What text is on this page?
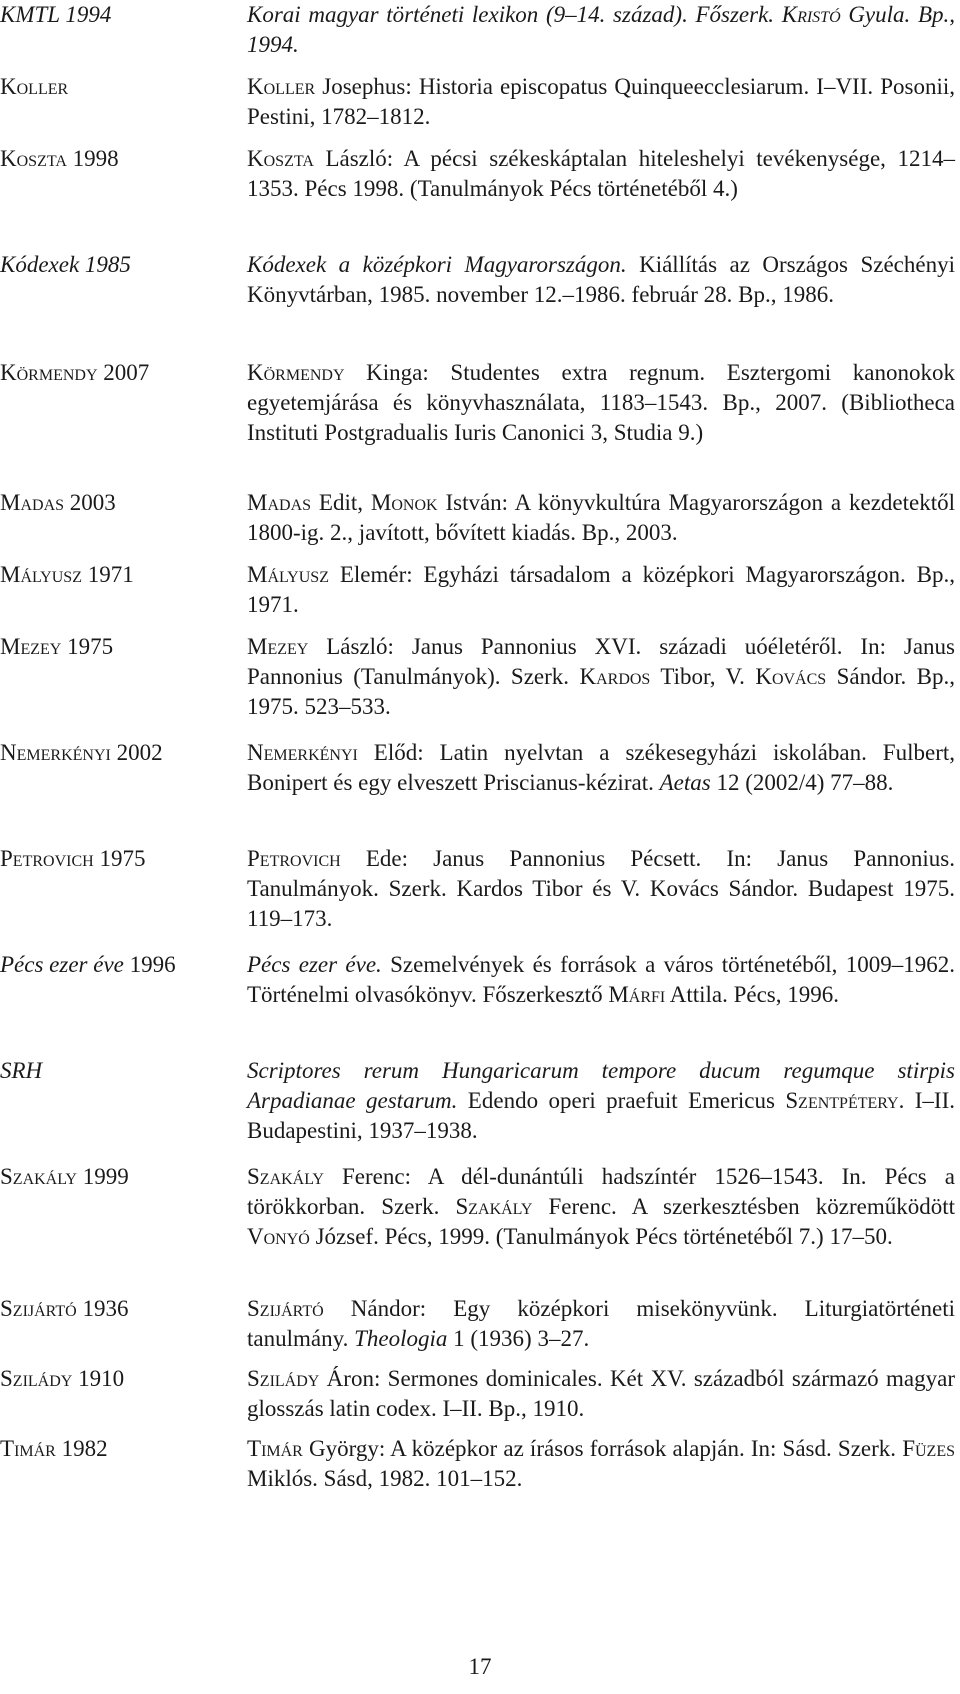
KMTL 1994	Korai magyar történeti lexikon (9–14. század). Főszerk. Kristó Gyula. Bp., 1994.
Koller	Koller Josephus: Historia episcopatus Quinqueecclesiarum. I–VII. Posonii, Pestini, 1782–1812.
Koszta 1998	Koszta László: A pécsi székeskáptalan hiteleshelyi tevékenysége, 1214–1353. Pécs 1998. (Tanulmányok Pécs történetéből 4.)
Kódexek 1985	Kódexek a középkori Magyarországon. Kiállítás az Országos Széchényi Könyvtárban, 1985. november 12.–1986. február 28. Bp., 1986.
Körmendy 2007	Körmendy Kinga: Studentes extra regnum. Esztergomi kanonokok egyetemjárása és könyvhasználata, 1183–1543. Bp., 2007. (Bibliotheca Instituti Postgradualis Iuris Canonici 3, Studia 9.)
Madas 2003	Madas Edit, Monok István: A könyvkultúra Magyarországon a kezdetektől 1800-ig. 2., javított, bővített kiadás. Bp., 2003.
Mályusz 1971	Mályusz Elemér: Egyházi társadalom a középkori Magyarországon. Bp., 1971.
Mezey 1975	Mezey László: Janus Pannonius XVI. századi uóéletéről. In: Janus Pannonius (Tanulmányok). Szerk. Kardos Tibor, V. Kovács Sándor. Bp., 1975. 523–533.
Nemerkényi 2002	Nemerkényi Előd: Latin nyelvtan a székesegyházi iskolában. Fulbert, Bonipert és egy elveszett Priscianus-kézirat. Aetas 12 (2002/4) 77–88.
Petrovich 1975	Petrovich Ede: Janus Pannonius Pécsett. In: Janus Pannonius. Tanulmányok. Szerk. Kardos Tibor és V. Kovács Sándor. Budapest 1975. 119–173.
Pécs ezer éve 1996	Pécs ezer éve. Szemelvények és források a város történetéből, 1009–1962. Történelmi olvasókönyv. Főszerkesztő Márfi Attila. Pécs, 1996.
SRH	Scriptores rerum Hungaricarum tempore ducum regumque stirpis Arpadianae gestarum. Edendo operi praefuit Emericus Szentpétery. I–II. Budapestini, 1937–1938.
Szakály 1999	Szakály Ferenc: A dél-dunántúli hadszíntér 1526–1543. In. Pécs a törökkorban. Szerk. Szakály Ferenc. A szerkesztésben közreműködött Vonyó József. Pécs, 1999. (Tanulmányok Pécs történetéből 7.) 17–50.
Szijártó 1936	Szijártó Nándor: Egy középkori misekönyvünk. Liturgiatörténeti tanulmány. Theologia 1 (1936) 3–27.
Szilády 1910	Szilády Áron: Sermones dominicales. Két XV. századból származó magyar glosszás latin codex. I–II. Bp., 1910.
Timár 1982	Timár György: A középkor az írásos források alapján. In: Sásd. Szerk. Füzes Miklós. Sásd, 1982. 101–152.
17
